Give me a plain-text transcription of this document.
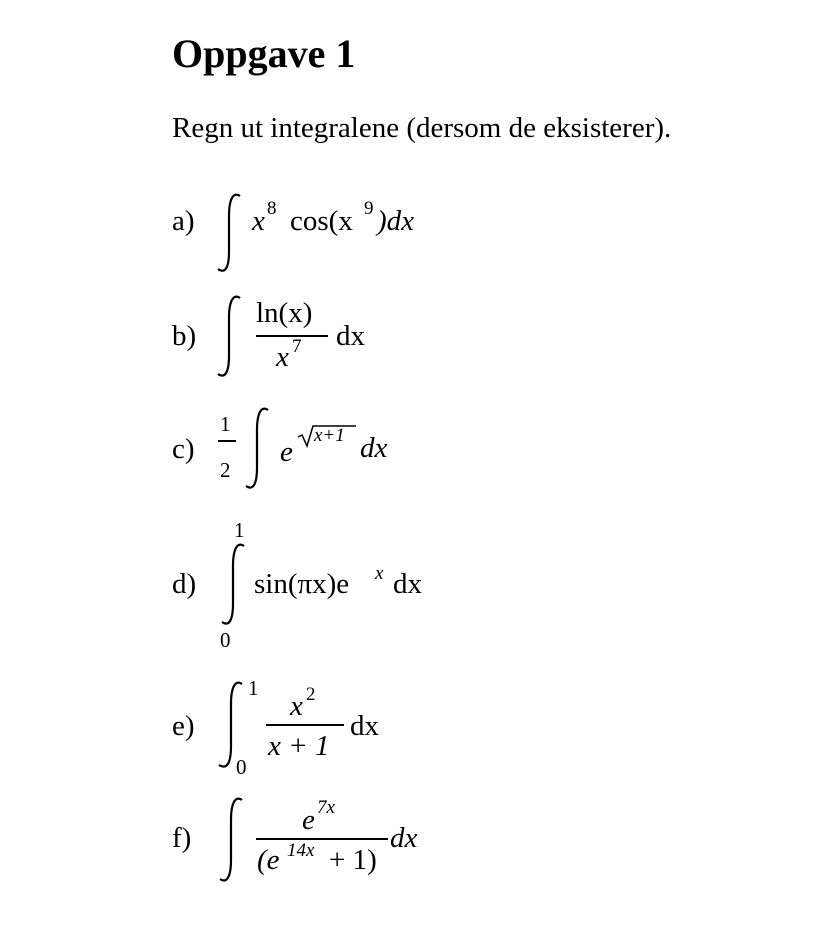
Oppgave 1
Regn ut integralene (dersom de eksisterer).
a) x 8 cos(x 9 )dx
b)
ln(x)
x 7 dx
c)
1
2
e
x+1 dx
d)
1
0
sin(πx)e x dx
e)
1
0
x 2
x + 1
dx
f)
e 7x
(e 14x + 1)
dx
